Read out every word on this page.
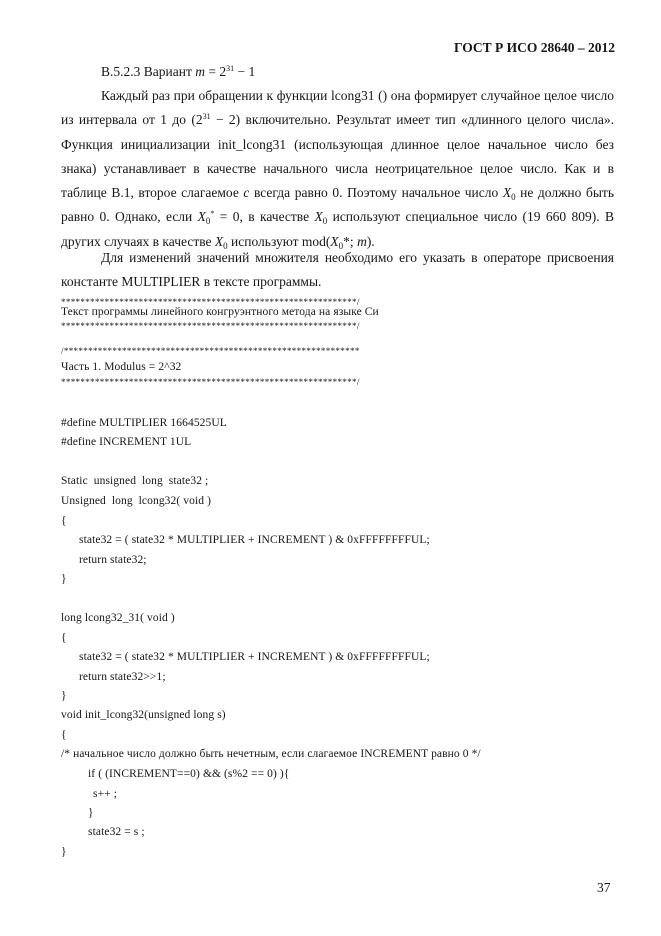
ГОСТ Р ИСО 28640 – 2012
В.5.2.3 Вариант $m = 2^{31} - 1$
Каждый раз при обращении к функции lcong31 () она формирует случайное целое число из интервала от 1 до $(2^{31} - 2)$ включительно. Результат имеет тип «длинного целого числа». Функция инициализации init_lcong31 (использующая длинное целое начальное число без знака) устанавливает в качестве начального числа неотрицательное целое число. Как и в таблице В.1, второе слагаемое c всегда равно 0. Поэтому начальное число $X_0$ не должно быть равно 0. Однако, если $X_0^* = 0$, в качестве $X_0$ используют специальное число (19 660 809). В других случаях в качестве $X_0$ используют $mod(X_0*$; m).
Для изменений значений множителя необходимо его указать в операторе присвоения константе MULTIPLIER в тексте программы.
*************************************************************/
Текст программы линейного конгруэнтного метода на языке Си
*************************************************************/
/*************************************************************
Часть 1. Modulus = 2^32
*************************************************************/
#define MULTIPLIER 1664525UL
#define INCREMENT 1UL
Static  unsigned  long  state32 ;
Unsigned  long  lcong32( void )
{
state32 = ( state32 * MULTIPLIER + INCREMENT ) & 0xFFFFFFFFUL;
return state32;
}
long lcong32_31( void )
{
state32 = ( state32 * MULTIPLIER + INCREMENT ) & 0xFFFFFFFFUL;
return state32>>1;
}
void init_lcong32(unsigned long s)
{
/* начальное число должно быть нечетным, если слагаемое INCREMENT равно 0 */
if ( (INCREMENT==0) && (s%2 == 0) ){
s++ ;
}
state32 = s ;
}
37
